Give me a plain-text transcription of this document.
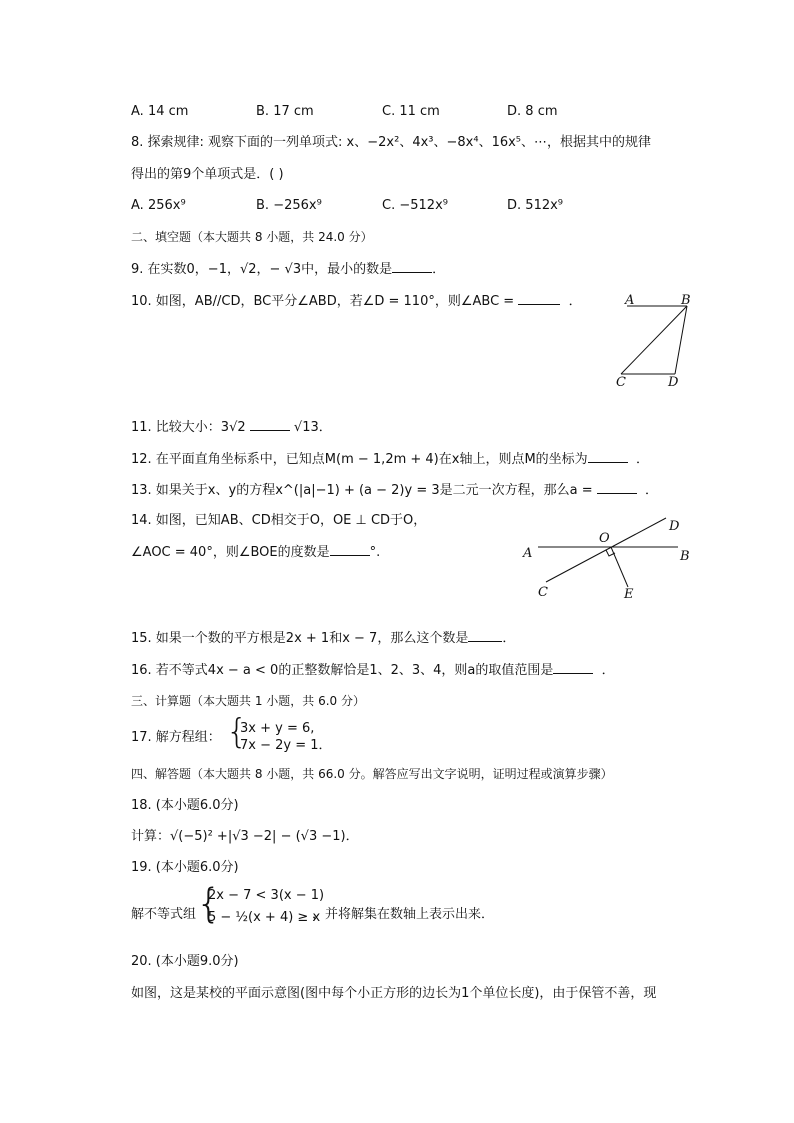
A. 14 cm	B. 17 cm	C. 11 cm	D. 8 cm
8. 探索规律: 观察下面的一列单项式: x、−2x²、4x³、−8x⁴、16x⁵、⋯，根据其中的规律
得出的第9个单项式是．( )
A. 256x⁹	B. −256x⁹	C. −512x⁹	D. 512x⁹
二、填空题（本大题共 8 小题，共 24.0 分）
9. 在实数0，−1，√2，− √3中，最小的数是	．
10. 如图，AB//CD，BC平分∠ABD，若∠D = 110°，则∠ABC =	．	A	B
C	D
11. 比较大小：3√2	√13．
12. 在平面直角坐标系中，已知点M(m − 1,2m + 4)在x轴上，则点M的坐标为	．
13. 如果关于x、y的方程x^(|a|−1) + (a − 2)y = 3是二元一次方程，那么a =	．
14. 如图，已知AB、CD相交于O，OE ⊥ CD于O，
∠AOC = 40°，则∠BOE的度数是	°.	A	B
C
D
E
O
15. 如果一个数的平方根是2x + 1和x − 7，那么这个数是	．
16. 若不等式4x − a < 0的正整数解恰是1、2、3、4，则a的取值范围是	．
三、计算题（本大题共 1 小题，共 6.0 分）
17. 解方程组： {
3x + y = 6,
7x − 2y = 1．
四、解答题（本大题共 8 小题，共 66.0 分。解答应写出文字说明，证明过程或演算步骤）
18. (本小题6.0分)
计算：√(−5)² +|√3 −2| − (√3 −1)．
19. (本小题6.0分)
解不等式组 {
2x − 7 < 3(x − 1)
5 − ½(x + 4) ≥ x
，并将解集在数轴上表示出来．
20. (本小题9.0分)
如图，这是某校的平面示意图(图中每个小正方形的边长为1个单位长度)，由于保管不善，现
